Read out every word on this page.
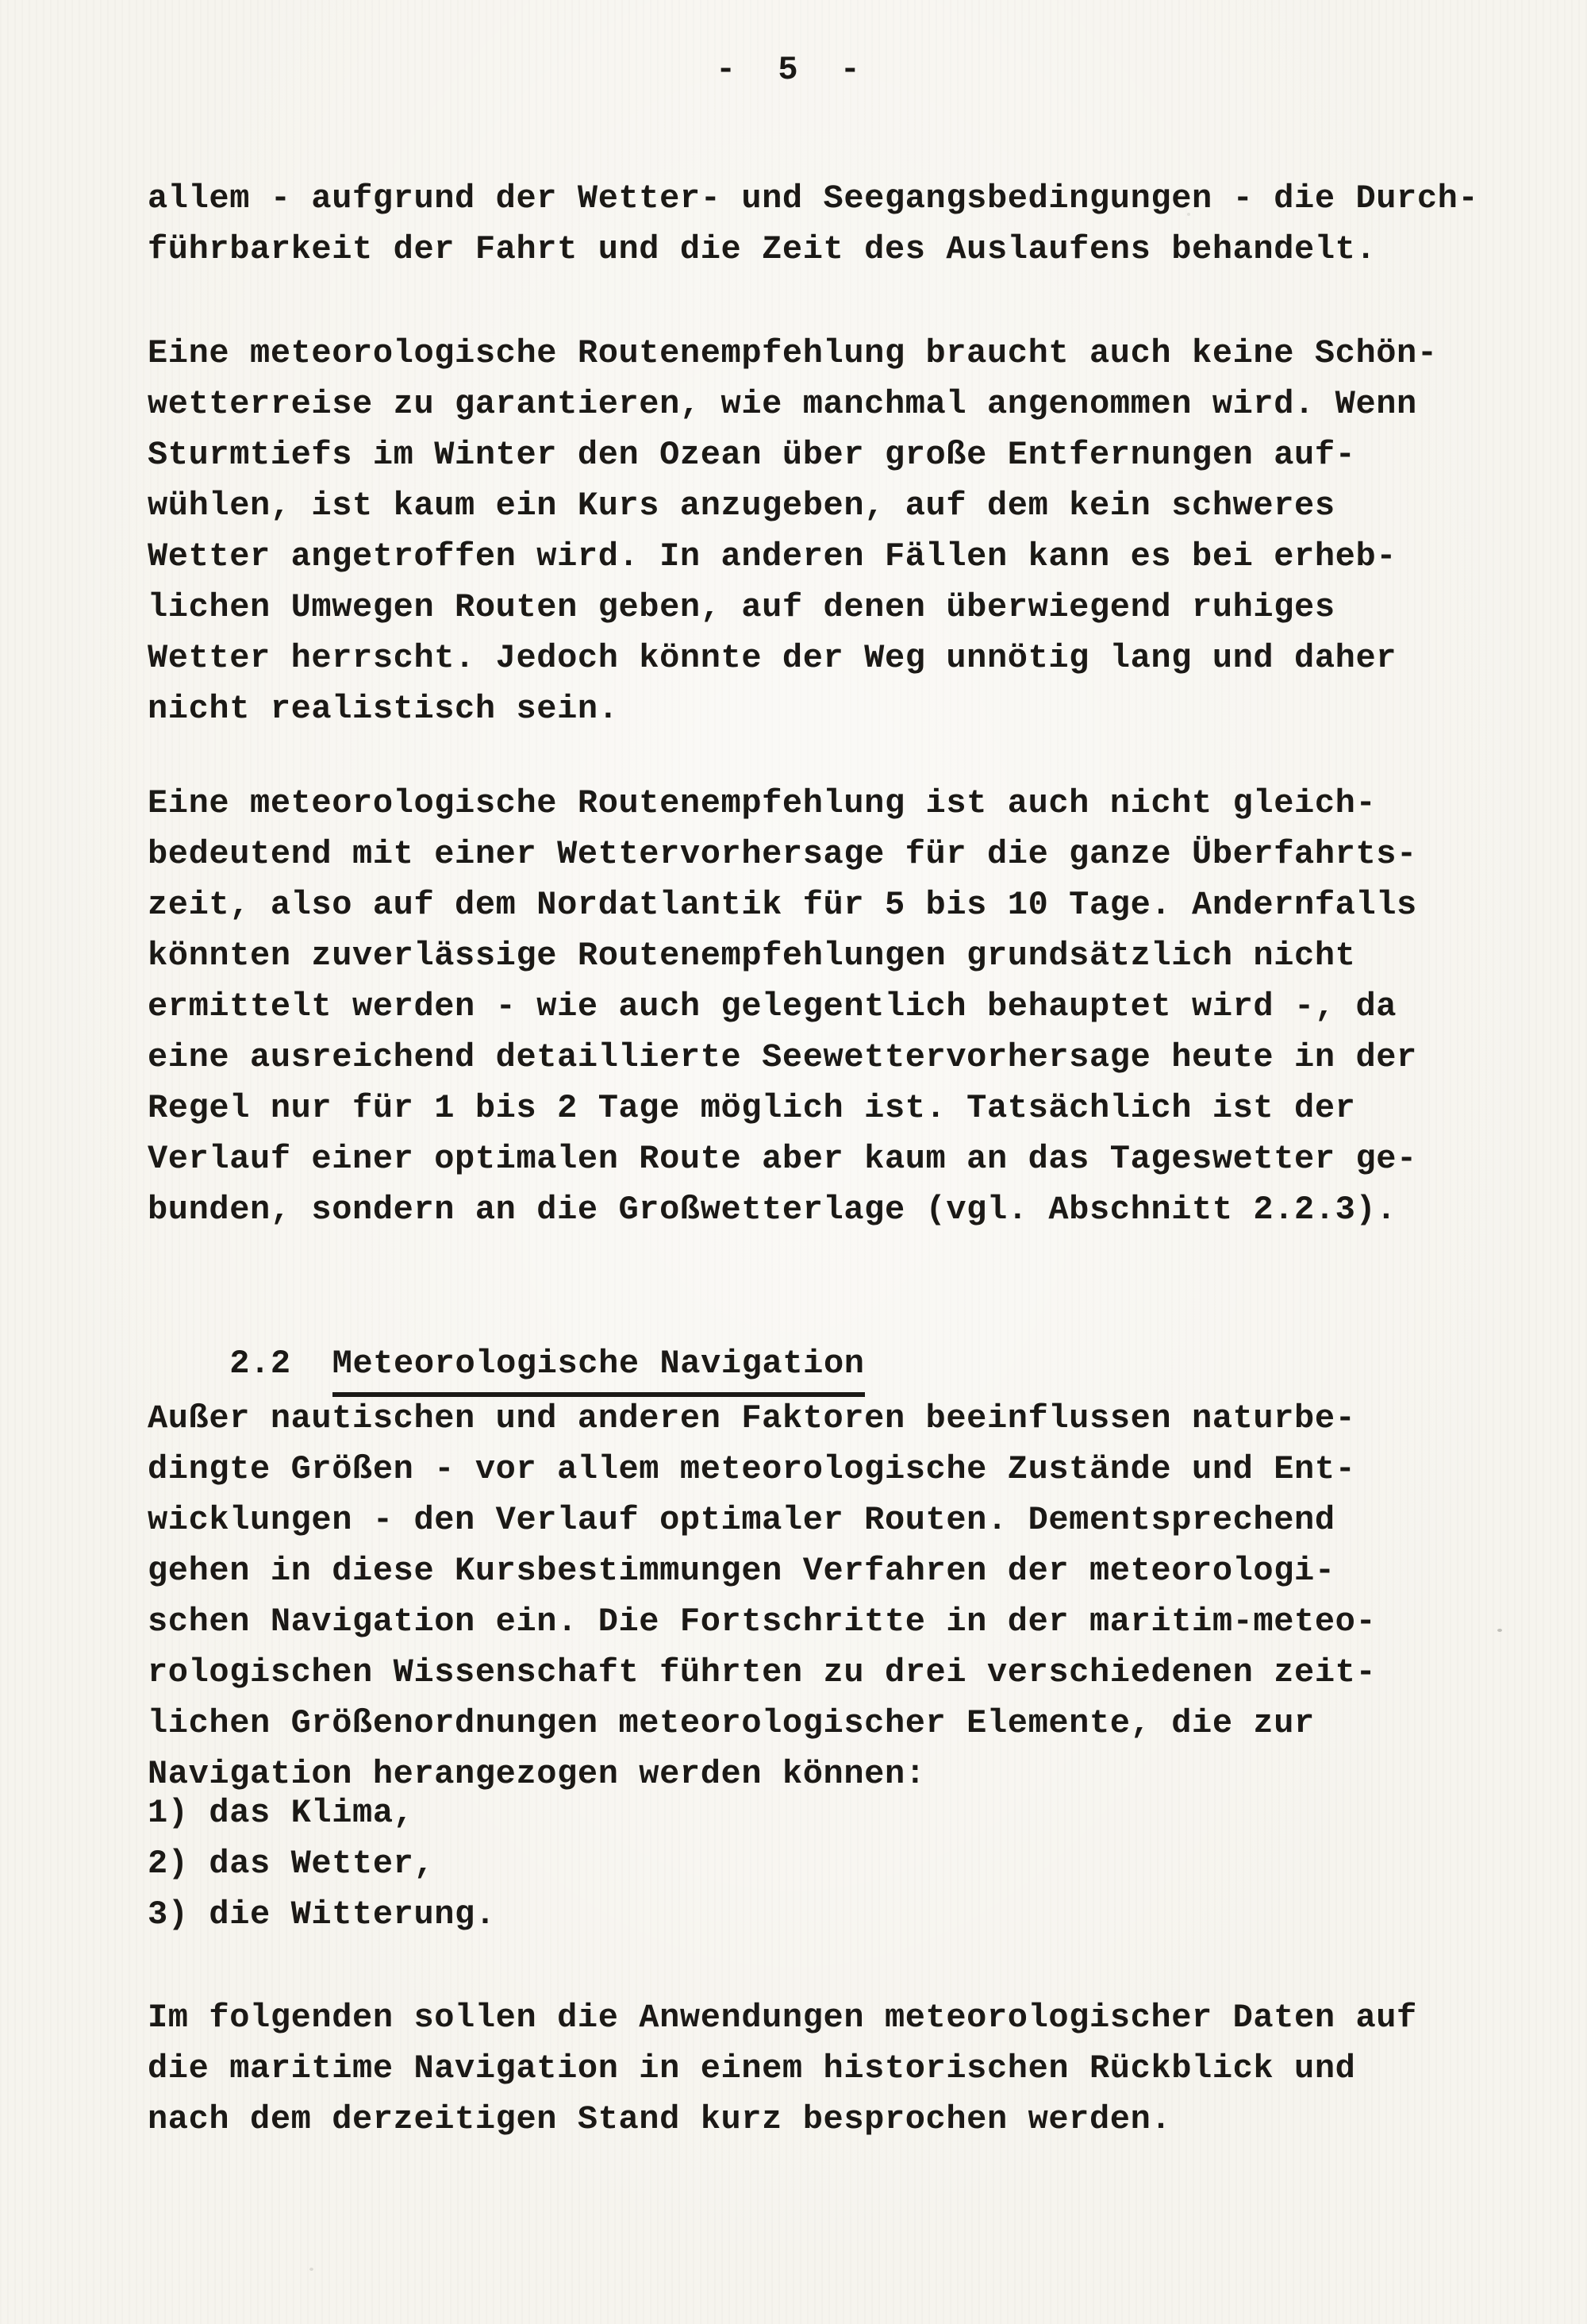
- 5 -
allem - aufgrund der Wetter- und Seegangsbedingungen - die Durch-
führbarkeit der Fahrt und die Zeit des Auslaufens behandelt.
Eine meteorologische Routenempfehlung braucht auch keine Schön-
wetterreise zu garantieren, wie manchmal angenommen wird. Wenn
Sturmtiefs im Winter den Ozean über große Entfernungen auf-
wühlen, ist kaum ein Kurs anzugeben, auf dem kein schweres
Wetter angetroffen wird. In anderen Fällen kann es bei erheb-
lichen Umwegen Routen geben, auf denen überwiegend ruhiges
Wetter herrscht. Jedoch könnte der Weg unnötig lang und daher
nicht realistisch sein.
Eine meteorologische Routenempfehlung ist auch nicht gleich-
bedeutend mit einer Wettervorhersage für die ganze Überfahrts-
zeit, also auf dem Nordatlantik für 5 bis 10 Tage. Andernfalls
könnten zuverlässige Routenempfehlungen grundsätzlich nicht
ermittelt werden - wie auch gelegentlich behauptet wird -, da
eine ausreichend detaillierte Seewettervorhersage heute in der
Regel nur für 1 bis 2 Tage möglich ist. Tatsächlich ist der
Verlauf einer optimalen Route aber kaum an das Tageswetter ge-
bunden, sondern an die Großwetterlage (vgl. Abschnitt 2.2.3).

2.2 Meteorologische Navigation

Außer nautischen und anderen Faktoren beeinflussen naturbe-
dingte Größen - vor allem meteorologische Zustände und Ent-
wicklungen - den Verlauf optimaler Routen. Dementsprechend
gehen in diese Kursbestimmungen Verfahren der meteorologi-
schen Navigation ein. Die Fortschritte in der maritim-meteo-
rologischen Wissenschaft führten zu drei verschiedenen zeit-
lichen Größenordnungen meteorologischer Elemente, die zur
Navigation herangezogen werden können:
1) das Klima,
2) das Wetter,
3) die Witterung.
Im folgenden sollen die Anwendungen meteorologischer Daten auf
die maritime Navigation in einem historischen Rückblick und
nach dem derzeitigen Stand kurz besprochen werden.
